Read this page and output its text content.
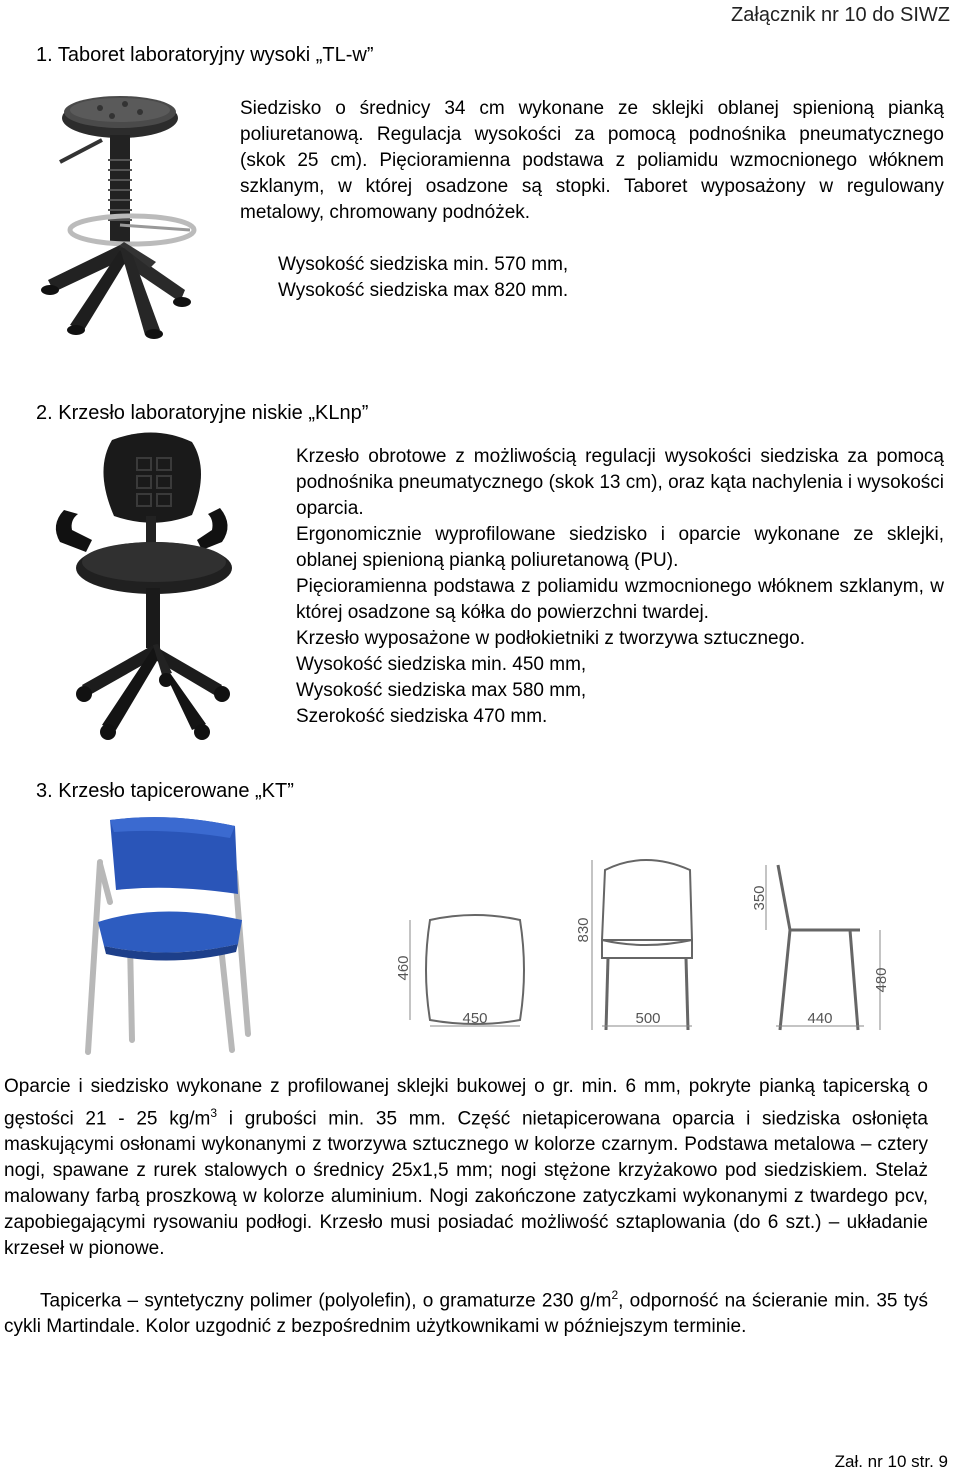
Załącznik nr 10 do SIWZ
1. Taboret laboratoryjny wysoki „TL-w”
Siedzisko o średnicy 34 cm wykonane ze sklejki oblanej spienioną pianką poliuretanową. Regulacja wysokości za pomocą podnośnika pneumatycznego (skok 25 cm). Pięcioramienna podstawa z poliamidu wzmocnionego włóknem szklanym, w której osadzone są stopki. Taboret wyposażony w regulowany metalowy, chromowany podnóżek.
Wysokość siedziska min. 570 mm,
Wysokość siedziska max 820 mm.
2. Krzesło laboratoryjne niskie „KLnp”
Krzesło obrotowe z możliwością regulacji wysokości siedziska za pomocą podnośnika pneumatycznego (skok 13 cm), oraz kąta nachylenia i wysokości oparcia.
Ergonomicznie wyprofilowane siedzisko i oparcie wykonane ze sklejki, oblanej spienioną pianką poliuretanową (PU).
Pięcioramienna podstawa z poliamidu wzmocnionego włóknem szklanym, w której osadzone są kółka do powierzchni twardej.
Krzesło wyposażone w podłokietniki z tworzywa sztucznego.
Wysokość siedziska min. 450 mm,
Wysokość siedziska max 580 mm,
Szerokość siedziska 470 mm.
3. Krzesło tapicerowane „KT”
460
450
830
500
350
480
440
Oparcie i siedzisko wykonane z profilowanej sklejki bukowej o gr. min. 6 mm, pokryte pianką tapicerską o gęstości 21 - 25 $kg/m^3$ i grubości min. 35 mm. Część nietapicerowana oparcia i siedziska osłonięta maskującymi osłonami wykonanymi z tworzywa sztucznego w kolorze czarnym. Podstawa metalowa – cztery nogi, spawane z rurek stalowych o średnicy 25x1,5 mm; nogi stężone krzyżakowo pod siedziskiem. Stelaż malowany farbą proszkową w kolorze aluminium. Nogi zakończone zatyczkami wykonanymi z twardego pcv, zapobiegającymi rysowaniu podłogi. Krzesło musi posiadać możliwość sztaplowania (do 6 szt.) – układanie krzeseł w pionowe.
Tapicerka – syntetyczny polimer (polyolefin), o gramaturze 230 $g/m^2$, odporność na ścieranie min. 35 tyś cykli Martindale. Kolor uzgodnić z bezpośrednim użytkownikami w późniejszym terminie.
Zał. nr 10 str. 9
